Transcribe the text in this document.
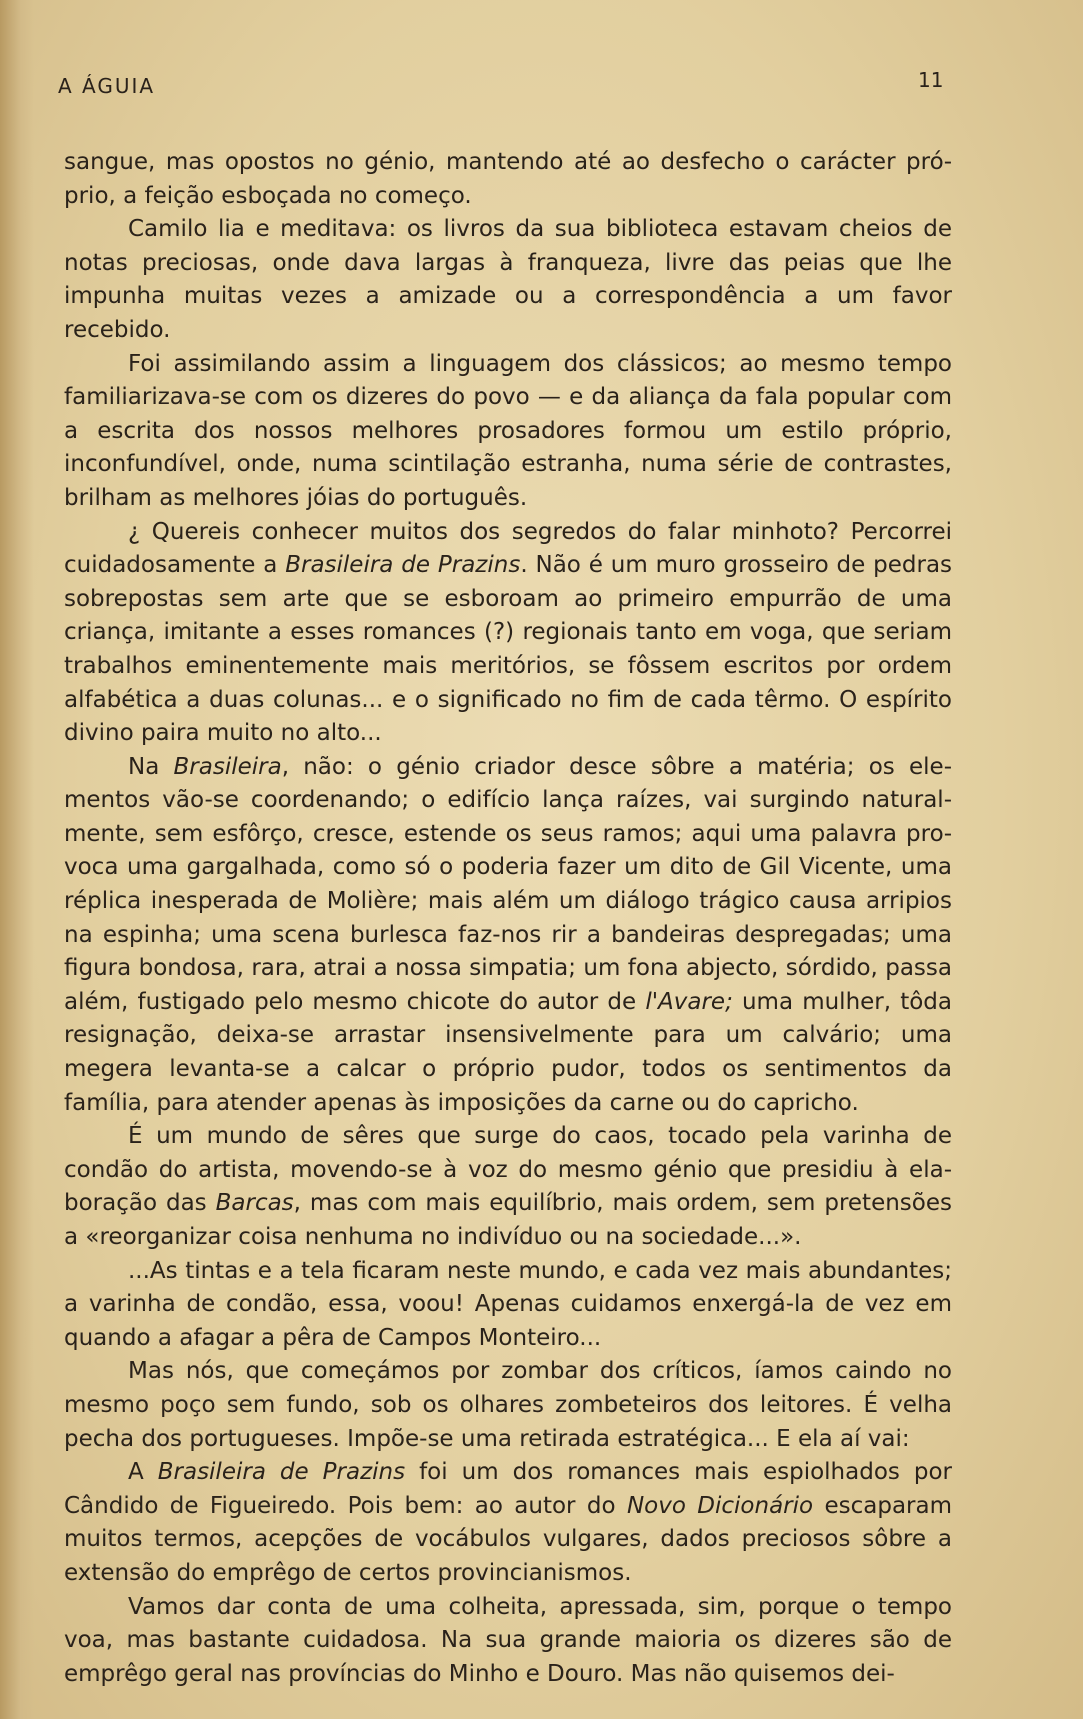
A ÁGUIA	11

sangue, mas opostos no génio, mantendo até ao desfecho o carácter próprio, a feição esboçada no começo.

Camilo lia e meditava: os livros da sua biblioteca estavam cheios de notas preciosas, onde dava largas à franqueza, livre das peias que lhe impunha muitas vezes a amizade ou a correspondência a um favor recebido.

Foi assimilando assim a linguagem dos clássicos; ao mesmo tempo familiarizava-se com os dizeres do povo — e da aliança da fala popular com a escrita dos nossos melhores prosadores formou um estilo próprio, inconfundível, onde, numa scintilação estranha, numa série de contrastes, brilham as melhores jóias do português.

¿ Quereis conhecer muitos dos segredos do falar minhoto? Percorrei cuidadosamente a Brasileira de Prazins. Não é um muro grosseiro de pedras sobrepostas sem arte que se esboroam ao primeiro empurrão de uma criança, imitante a esses romances (?) regionais tanto em voga, que seriam trabalhos eminentemente mais meritórios, se fôssem escritos por ordem alfabética a duas colunas... e o significado no fim de cada têrmo. O espírito divino paira muito no alto...

Na Brasileira, não: o génio criador desce sôbre a matéria; os elementos vão-se coordenando; o edifício lança raízes, vai surgindo naturalmente, sem esfôrço, cresce, estende os seus ramos; aqui uma palavra provoca uma gargalhada, como só o poderia fazer um dito de Gil Vicente, uma réplica inesperada de Molière; mais além um diálogo trágico causa arripios na espinha; uma scena burlesca faz-nos rir a bandeiras despregadas; uma figura bondosa, rara, atrai a nossa simpatia; um fona abjecto, sórdido, passa além, fustigado pelo mesmo chicote do autor de l'Avare; uma mulher, tôda resignação, deixa-se arrastar insensivelmente para um calvário; uma megera levanta-se a calcar o próprio pudor, todos os sentimentos da família, para atender apenas às imposições da carne ou do capricho.

É um mundo de sêres que surge do caos, tocado pela varinha de condão do artista, movendo-se à voz do mesmo génio que presidiu à elaboração das Barcas, mas com mais equilíbrio, mais ordem, sem pretensões a «reorganizar coisa nenhuma no indivíduo ou na sociedade...».

...As tintas e a tela ficaram neste mundo, e cada vez mais abundantes; a varinha de condão, essa, voou! Apenas cuidamos enxergá-la de vez em quando a afagar a pêra de Campos Monteiro...

Mas nós, que começámos por zombar dos críticos, íamos caindo no mesmo poço sem fundo, sob os olhares zombeteiros dos leitores. É velha pecha dos portugueses. Impõe-se uma retirada estratégica... E ela aí vai:

A Brasileira de Prazins foi um dos romances mais espiolhados por Cândido de Figueiredo. Pois bem: ao autor do Novo Dicionário escaparam muitos termos, acepções de vocábulos vulgares, dados preciosos sôbre a extensão do emprêgo de certos provincianismos.

Vamos dar conta de uma colheita, apressada, sim, porque o tempo voa, mas bastante cuidadosa. Na sua grande maioria os dizeres são de emprêgo geral nas províncias do Minho e Douro. Mas não quisemos dei-
